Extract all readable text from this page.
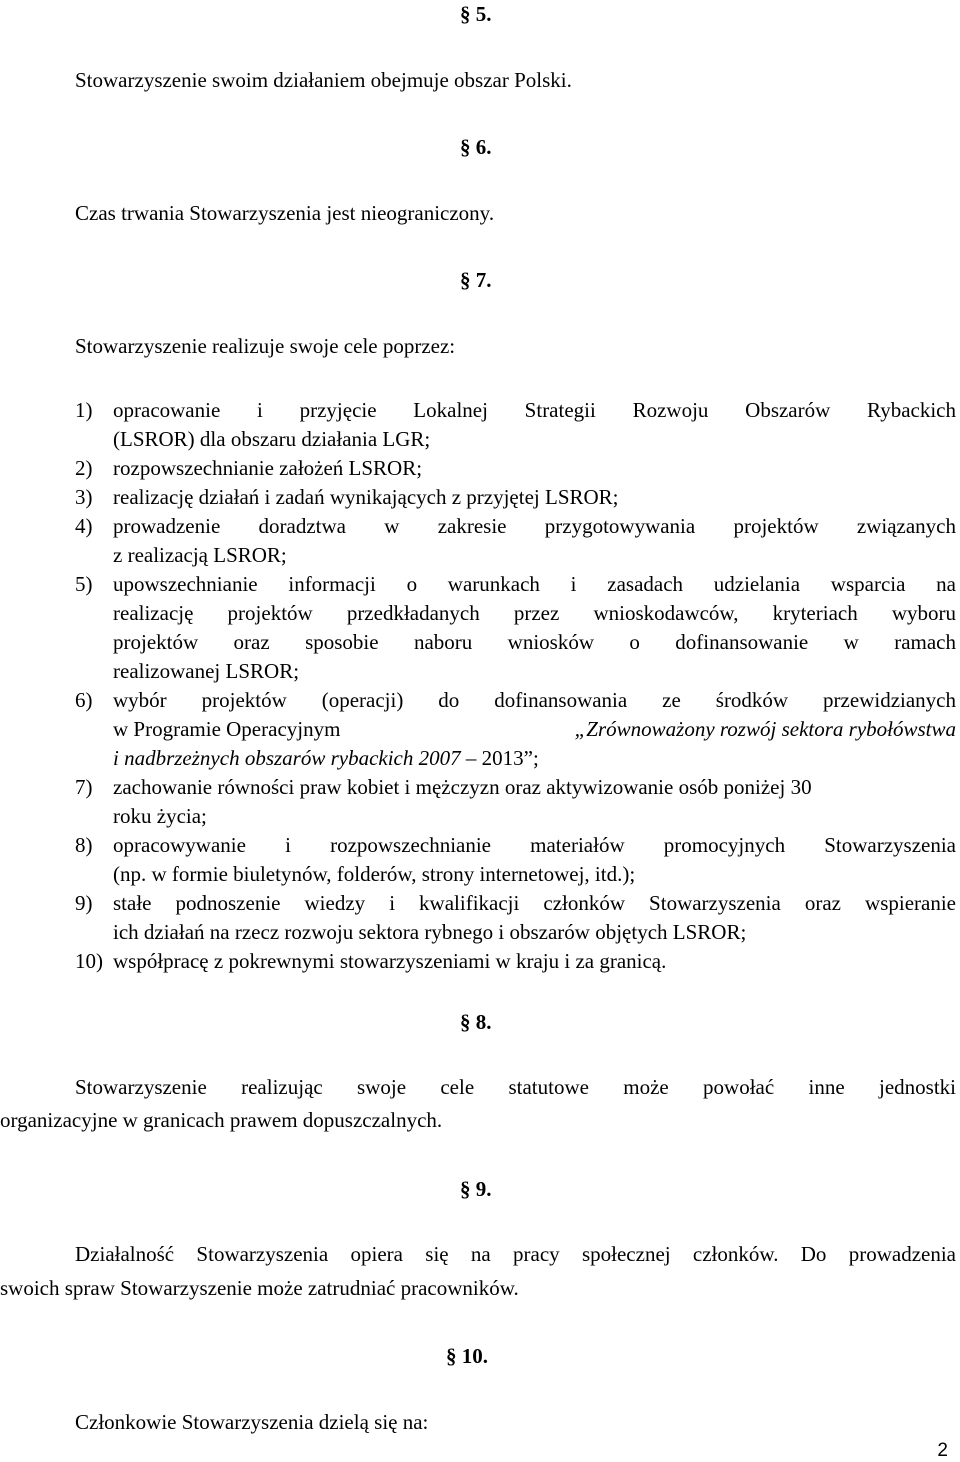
§ 5.
Stowarzyszenie swoim działaniem obejmuje obszar Polski.
§ 6.
Czas trwania Stowarzyszenia jest nieograniczony.
§ 7.
Stowarzyszenie realizuje swoje cele poprzez:
1) opracowanie i przyjęcie Lokalnej Strategii Rozwoju Obszarów Rybackich
(LSROR) dla obszaru działania LGR;
2) rozpowszechnianie założeń LSROR;
3) realizację działań i zadań wynikających z przyjętej LSROR;
4) prowadzenie doradztwa w zakresie przygotowywania projektów związanych
z realizacją LSROR;
5) upowszechnianie informacji o warunkach i zasadach udzielania wsparcia na
realizację projektów przedkładanych przez wnioskodawców, kryteriach wyboru
projektów oraz sposobie naboru wniosków o dofinansowanie w ramach
realizowanej LSROR;
6) wybór projektów (operacji) do dofinansowania ze środków przewidzianych
w Programie Operacyjnym	„Zrównoważony rozwój sektora rybołówstwa
i nadbrzeżnych obszarów rybackich 2007 – 2013”;
7) zachowanie równości praw kobiet i mężczyzn oraz aktywizowanie osób poniżej 30
roku życia;
8) opracowywanie i rozpowszechnianie materiałów promocyjnych Stowarzyszenia
(np. w formie biuletynów, folderów, strony internetowej, itd.);
9) stałe podnoszenie wiedzy i kwalifikacji członków Stowarzyszenia oraz wspieranie
ich działań na rzecz rozwoju sektora rybnego i obszarów objętych LSROR;
10) współpracę z pokrewnymi stowarzyszeniami w kraju i za granicą.
§ 8.
Stowarzyszenie realizując swoje cele statutowe może powołać inne jednostki
organizacyjne w granicach prawem dopuszczalnych.
§ 9.
Działalność Stowarzyszenia opiera się na pracy społecznej członków. Do prowadzenia
swoich spraw Stowarzyszenie może zatrudniać pracowników.
§ 10.
Członkowie Stowarzyszenia dzielą się na:
2
